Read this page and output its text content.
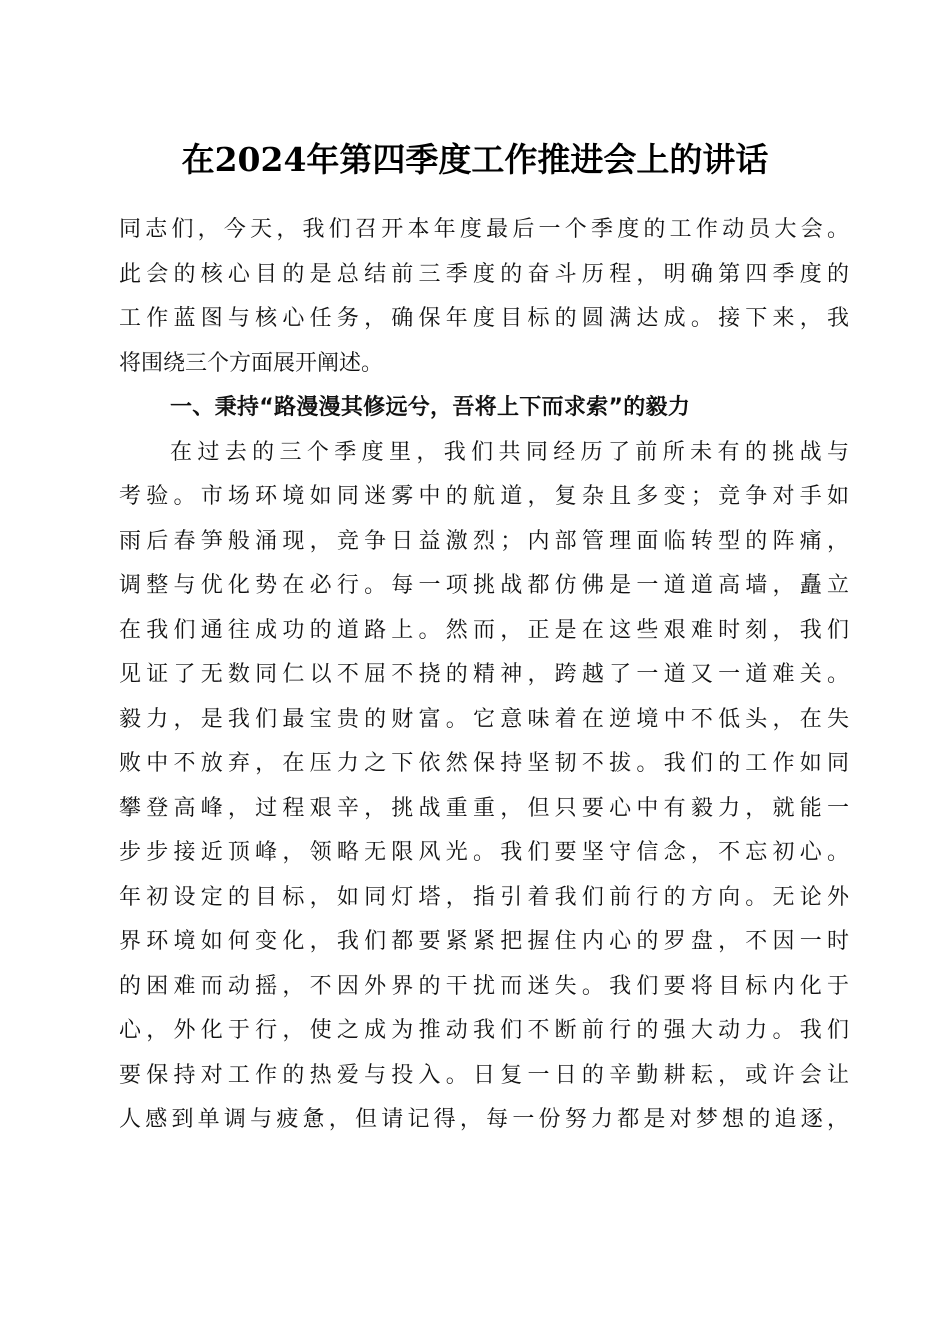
在2024年第四季度工作推进会上的讲话
同志们，今天，我们召开本年度最后一个季度的工作动员大会。
此会的核心目的是总结前三季度的奋斗历程，明确第四季度的
工作蓝图与核心任务，确保年度目标的圆满达成。接下来，我
将围绕三个方面展开阐述。
一、秉持“路漫漫其修远兮，吾将上下而求索”的毅力
在过去的三个季度里，我们共同经历了前所未有的挑战与
考验。市场环境如同迷雾中的航道，复杂且多变；竞争对手如
雨后春笋般涌现，竞争日益激烈；内部管理面临转型的阵痛，
调整与优化势在必行。每一项挑战都仿佛是一道道高墙，矗立
在我们通往成功的道路上。然而，正是在这些艰难时刻，我们
见证了无数同仁以不屈不挠的精神，跨越了一道又一道难关。
毅力，是我们最宝贵的财富。它意味着在逆境中不低头，在失
败中不放弃，在压力之下依然保持坚韧不拔。我们的工作如同
攀登高峰，过程艰辛，挑战重重，但只要心中有毅力，就能一
步步接近顶峰，领略无限风光。我们要坚守信念，不忘初心。
年初设定的目标，如同灯塔，指引着我们前行的方向。无论外
界环境如何变化，我们都要紧紧把握住内心的罗盘，不因一时
的困难而动摇，不因外界的干扰而迷失。我们要将目标内化于
心，外化于行，使之成为推动我们不断前行的强大动力。我们
要保持对工作的热爱与投入。日复一日的辛勤耕耘，或许会让
人感到单调与疲惫，但请记得，每一份努力都是对梦想的追逐，
